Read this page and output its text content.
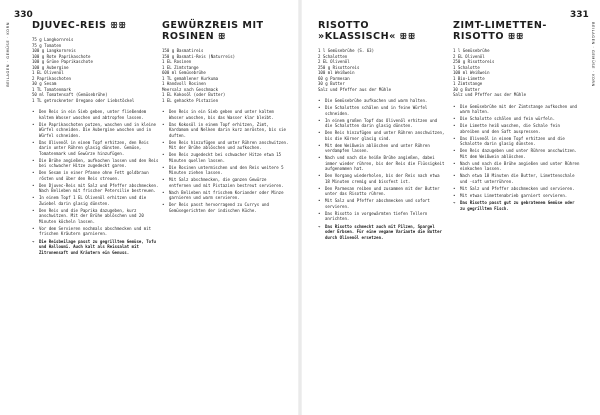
330
BEILAGEN · GEMÜSE · KORN DJUVEC-REIS ꕥ ꕥ
75 g Langkornreis
75 g Tomaten
100 g Langkornreis
100 g Rote Paprikaschote
100 g Grüne Paprikaschote
100 g Aubergine
1 EL Olivenöl
2 Paprikaschoten
30 g Sesam
1 TL Tomatenmark
50 ml Tomatensaft (Gemüsebrühe)
1 TL getrockneter Oregano oder Liebstöckel
• Den Reis in ein Sieb geben, unter fließendem kaltem Wasser waschen und abtropfen lassen.
• Die Paprikaschoten putzen, waschen und in kleine Würfel schneiden. Die Aubergine waschen und in Würfel schneiden.
• Das Olivenöl in einem Topf erhitzen, den Reis darin unter Rühren glasig dünsten. Gemüse, Tomatenmark und Gewürze hinzufügen.
• Die Brühe angießen, aufkochen lassen und den Reis bei schwacher Hitze zugedeckt garen.
• Den Sesam in einer Pfanne ohne Fett goldbraun rösten und über den Reis streuen.
• Den Djuvec-Reis mit Salz und Pfeffer abschmecken. Nach Belieben mit frischer Petersilie bestreuen.
• In einem Topf 1 EL Olivenöl erhitzen und die Zwiebel darin glasig dünsten.
• Den Reis und die Paprika dazugeben, kurz anschwitzen. Mit der Brühe ablöschen und 20 Minuten köcheln lassen.
• Vor dem Servieren nochmals abschmecken und mit frischen Kräutern garnieren.
→ Die Reisbeilage passt zu gegrilltem Gemüse, Tofu und Halloumi. Auch kalt als Reissalat mit Zitronensaft und Kräutern ein Genuss.
GEWÜRZREIS MIT ROSINEN ꕥ
150 g Basmatireis
150 g Basmati-Reis (Naturreis)
1 EL Rosinen
1 EL Zimtstange
600 ml Gemüsebrühe
1 TL gemahlener Kurkuma
1 Handvoll Rosinen
Meersalz nach Geschmack
1 EL Kokosöl (oder Butter)
1 EL gehackte Pistazien
• Den Reis in ein Sieb geben und unter kaltem Wasser waschen, bis das Wasser klar bleibt.
• Das Kokosöl in einem Topf erhitzen, Zimt, Kardamom und Nelken darin kurz anrösten, bis sie duften.
• Den Reis hinzufügen und unter Rühren anschwitzen. Mit der Brühe ablöschen und aufkochen.
• Den Reis zugedeckt bei schwacher Hitze etwa 15 Minuten quellen lassen.
• Die Rosinen untermischen und den Reis weitere 5 Minuten ziehen lassen.
• Mit Salz abschmecken, die ganzen Gewürze entfernen und mit Pistazien bestreut servieren.
• Nach Belieben mit frischem Koriander oder Minze garnieren und warm servieren.
• Der Reis passt hervorragend zu Currys und Gemüsegerichten der indischen Küche.
331
BEILAGEN · GEMÜSE · KORN
RISOTTO »KLASSISCH« ꕥ ꕥ
1 l Gemüsebrühe (S. 63)
2 Schalotten
2 EL Olivenöl
250 g Risottoreis
100 ml Weißwein
60 g Parmesan
30 g Butter
Salz und Pfeffer aus der Mühle
• Die Gemüsebrühe aufkochen und warm halten.
• Die Schalotten schälen und in feine Würfel schneiden.
• In einem großen Topf das Olivenöl erhitzen und die Schalotten darin glasig dünsten.
• Den Reis hinzufügen und unter Rühren anschwitzen, bis die Körner glasig sind.
• Mit dem Weißwein ablöschen und unter Rühren verdampfen lassen.
• Nach und nach die heiße Brühe angießen, dabei immer wieder rühren, bis der Reis die Flüssigkeit aufgenommen hat.
• Den Vorgang wiederholen, bis der Reis nach etwa 18 Minuten cremig und bissfest ist.
• Den Parmesan reiben und zusammen mit der Butter unter das Risotto rühren.
• Mit Salz und Pfeffer abschmecken und sofort servieren.
• Das Risotto in vorgewärmten tiefen Tellern anrichten.
→ Das Risotto schmeckt auch mit Pilzen, Spargel oder Erbsen. Für eine vegane Variante die Butter durch Olivenöl ersetzen.
ZIMT-LIMETTEN-RISOTTO ꕥ ꕥ
1 l Gemüsebrühe
2 EL Olivenöl
250 g Risottoreis
1 Schalotte
100 ml Weißwein
1 Bio-Limette
1 Zimtstange
30 g Butter
Salz und Pfeffer aus der Mühle
• Die Gemüsebrühe mit der Zimtstange aufkochen und warm halten.
• Die Schalotte schälen und fein würfeln.
• Die Limette heiß waschen, die Schale fein abreiben und den Saft auspressen.
• Das Olivenöl in einem Topf erhitzen und die Schalotte darin glasig dünsten.
• Den Reis dazugeben und unter Rühren anschwitzen. Mit dem Weißwein ablöschen.
• Nach und nach die Brühe angießen und unter Rühren einkochen lassen.
• Nach etwa 18 Minuten die Butter, Limettenschale und -saft unterrühren.
• Mit Salz und Pfeffer abschmecken und servieren.
• Mit etwas Limettenabrieb garniert servieren.
→ Das Risotto passt gut zu gebratenem Gemüse oder zu gegrilltem Fisch.
